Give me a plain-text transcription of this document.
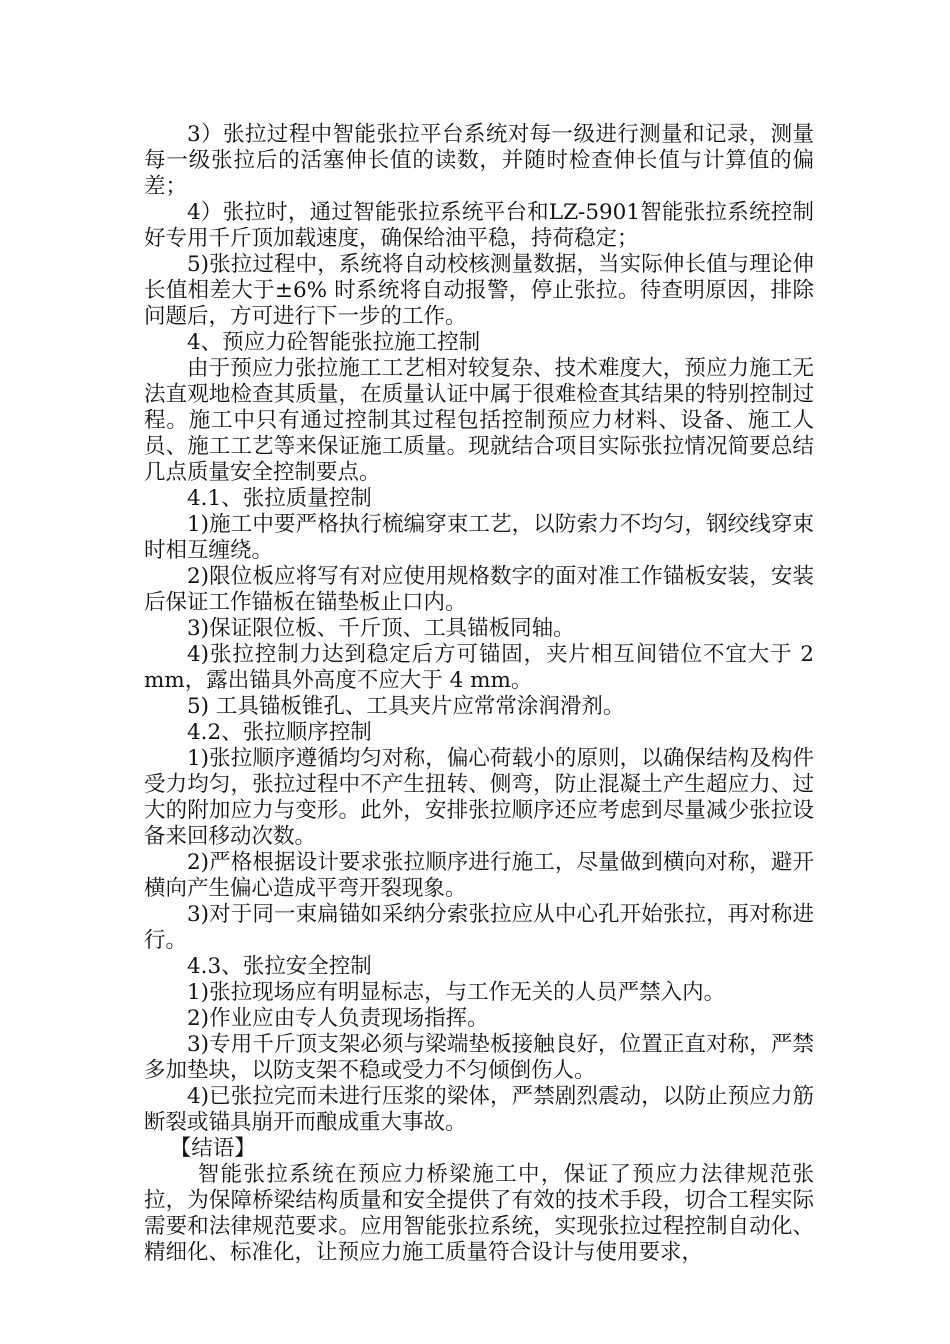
3）张拉过程中智能张拉平台系统对每一级进行测量和记录，测量每一级张拉后的活塞伸长值的读数，并随时检查伸长值与计算值的偏差；

4）张拉时，通过智能张拉系统平台和LZ-5901智能张拉系统控制好专用千斤顶加载速度，确保给油平稳，持荷稳定；

5)张拉过程中，系统将自动校核测量数据，当实际伸长值与理论伸长值相差大于±6% 时系统将自动报警，停止张拉。待查明原因，排除问题后，方可进行下一步的工作。

4、预应力砼智能张拉施工控制

由于预应力张拉施工工艺相对较复杂、技术难度大，预应力施工无法直观地检查其质量，在质量认证中属于很难检查其结果的特别控制过程。施工中只有通过控制其过程包括控制预应力材料、设备、施工人员、施工工艺等来保证施工质量。现就结合项目实际张拉情况简要总结几点质量安全控制要点。

4.1、张拉质量控制

1)施工中要严格执行梳编穿束工艺，以防索力不均匀，钢绞线穿束时相互缠绕。

2)限位板应将写有对应使用规格数字的面对准工作锚板安装，安装后保证工作锚板在锚垫板止口内。

3)保证限位板、千斤顶、工具锚板同轴。

4)张拉控制力达到稳定后方可锚固，夹片相互间错位不宜大于 2 mm，露出锚具外高度不应大于 4 mm。

5) 工具锚板锥孔、工具夹片应常常涂润滑剂。

4.2、张拉顺序控制

1)张拉顺序遵循均匀对称，偏心荷载小的原则，以确保结构及构件受力均匀，张拉过程中不产生扭转、侧弯，防止混凝土产生超应力、过大的附加应力与变形。此外，安排张拉顺序还应考虑到尽量减少张拉设备来回移动次数。

2)严格根据设计要求张拉顺序进行施工，尽量做到横向对称，避开横向产生偏心造成平弯开裂现象。

3)对于同一束扁锚如采纳分索张拉应从中心孔开始张拉，再对称进行。

4.3、张拉安全控制

1)张拉现场应有明显标志，与工作无关的人员严禁入内。

2)作业应由专人负责现场指挥。

3)专用千斤顶支架必须与梁端垫板接触良好，位置正直对称，严禁多加垫块，以防支架不稳或受力不匀倾倒伤人。

4)已张拉完而未进行压浆的梁体，严禁剧烈震动，以防止预应力筋断裂或锚具崩开而酿成重大事故。

【结语】

智能张拉系统在预应力桥梁施工中，保证了预应力法律规范张拉，为保障桥梁结构质量和安全提供了有效的技术手段，切合工程实际需要和法律规范要求。应用智能张拉系统，实现张拉过程控制自动化、精细化、标准化，让预应力施工质量符合设计与使用要求，
